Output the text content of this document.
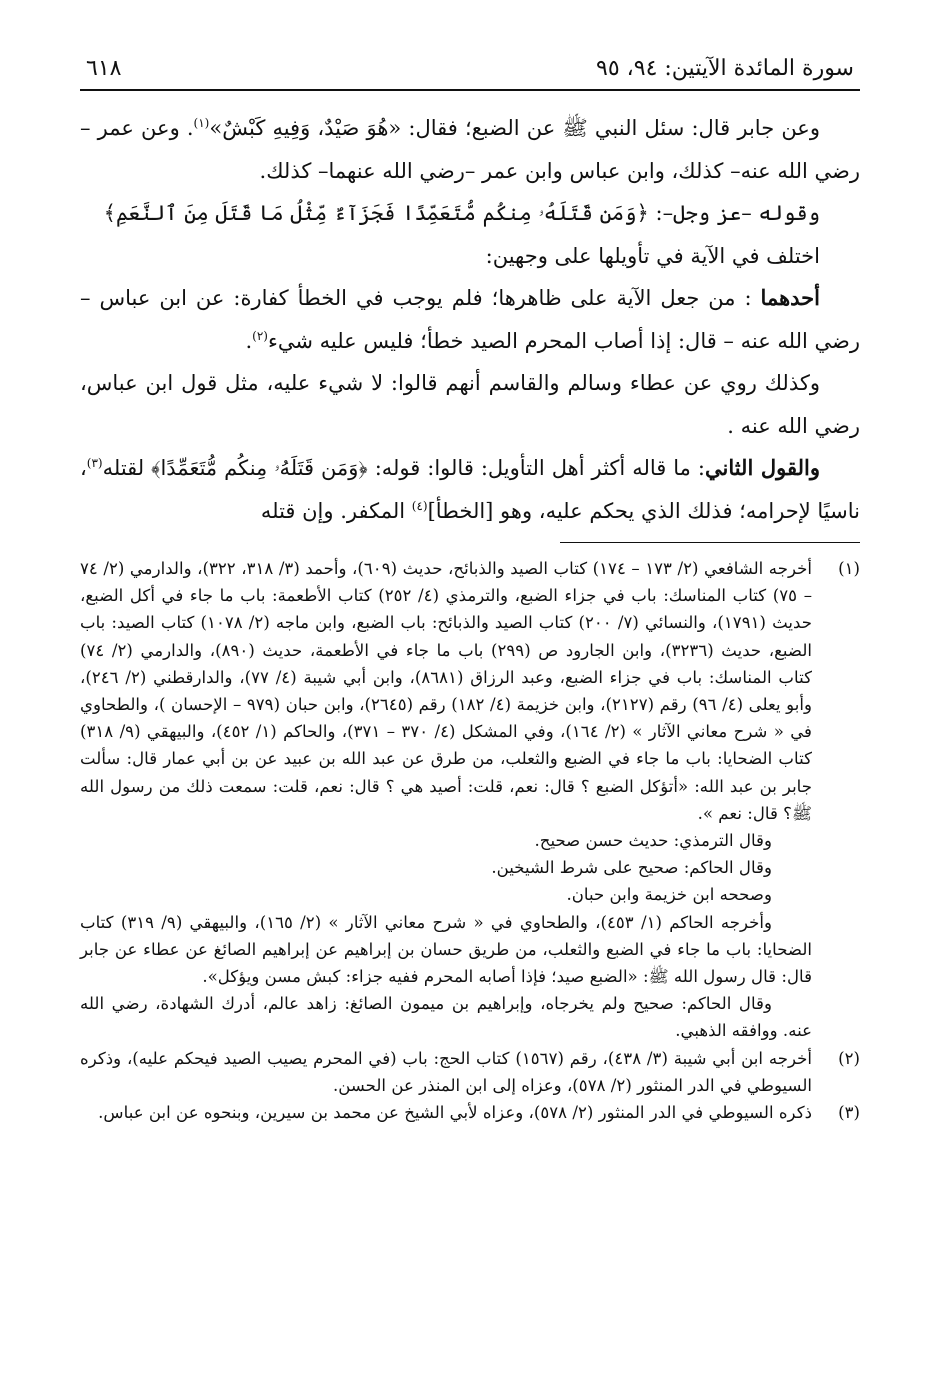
سورة المائدة الآيتين: ٩٤، ٩٥
٦١٨

وعن جابر قال: سئل النبي ﷺ عن الضبع؛ فقال: «هُوَ صَيْدٌ، وَفِيهِ كَبْشٌ»$^{(١)}$. وعن عمر –رضي الله عنه– كذلك، وابن عباس وابن عمر –رضي الله عنهما– كذلك.

وقوله –عز وجل–: ﴿وَمَن قَتَلَهُۥ مِنكُم مُّتَعَمِّدًا فَجَزَآءٌ مِّثْلُ مَا قَتَلَ مِنَ ٱلنَّعَمِ﴾

اختلف في الآية في تأويلها على وجهين:

أحدهما : من جعل الآية على ظاهرها؛ فلم يوجب في الخطأ كفارة: عن ابن عباس – رضي الله عنه – قال: إذا أصاب المحرم الصيد خطأ؛ فليس عليه شيء$^{(٢)}$.

وكذلك روي عن عطاء وسالم والقاسم أنهم قالوا: لا شيء عليه، مثل قول ابن عباس، رضي الله عنه .

والقول الثاني: ما قاله أكثر أهل التأويل: قالوا: قوله: ﴿وَمَن قَتَلَهُۥ مِنكُم مُّتَعَمِّدًا﴾ لقتله$^{(٣)}$، ناسيًا لإحرامه؛ فذلك الذي يحكم عليه، وهو [الخطأ]$^{(٤)}$ المكفر. وإن قتله

(١)

أخرجه الشافعي (٢/ ١٧٣ – ١٧٤) كتاب الصيد والذبائح، حديث (٦٠٩)، وأحمد (٣/ ٣١٨، ٣٢٢)، والدارمي (٢/ ٧٤ – ٧٥) كتاب المناسك: باب في جزاء الضبع، والترمذي (٤/ ٢٥٢) كتاب الأطعمة: باب ما جاء في أكل الضبع، حديث (١٧٩١)، والنسائي (٧/ ٢٠٠) كتاب الصيد والذبائح: باب الضبع، وابن ماجه (٢/ ١٠٧٨) كتاب الصيد: باب الضبع، حديث (٣٢٣٦)، وابن الجارود ص (٢٩٩) باب ما جاء في الأطعمة، حديث (٨٩٠)، والدارمي (٢/ ٧٤) كتاب المناسك: باب في جزاء الضبع، وعبد الرزاق (٨٦٨١)، وابن أبي شيبة (٤/ ٧٧)، والدارقطني (٢/ ٢٤٦)، وأبو يعلى (٤/ ٩٦) رقم (٢١٢٧)، وابن خزيمة (٤/ ١٨٢) رقم (٢٦٤٥)، وابن حبان (٩٧٩ – الإحسان )، والطحاوي في « شرح معاني الآثار » (٢/ ١٦٤)، وفي المشكل (٤/ ٣٧٠ – ٣٧١)، والحاكم (١/ ٤٥٢)، والبيهقي (٩/ ٣١٨) كتاب الضحايا: باب ما جاء في الضبع والثعلب، من طرق عن عبد الله بن عبيد عن بن أبي عمار قال: سألت جابر بن عبد الله: «أتؤكل الضبع ؟ قال: نعم، قلت: أصيد هي ؟ قال: نعم، قلت: سمعت ذلك من رسول الله ﷺ؟ قال: نعم ».

وقال الترمذي: حديث حسن صحيح.

وقال الحاكم: صحيح على شرط الشيخين.

وصححه ابن خزيمة وابن حبان.

وأخرجه الحاكم (١/ ٤٥٣)، والطحاوي في « شرح معاني الآثار » (٢/ ١٦٥)، والبيهقي (٩/ ٣١٩) كتاب الضحايا: باب ما جاء في الضبع والثعلب، من طريق حسان بن إبراهيم عن إبراهيم الصائغ عن عطاء عن جابر قال: قال رسول الله ﷺ: «الضبع صيد؛ فإذا أصابه المحرم ففيه جزاء: كبش مسن ويؤكل».

وقال الحاكم: صحيح ولم يخرجاه، وإبراهيم بن ميمون الصائغ: زاهد عالم، أدرك الشهادة، رضي الله عنه. ووافقه الذهبي.

(٢)

أخرجه ابن أبي شيبة (٣/ ٤٣٨)، رقم (١٥٦٧) كتاب الحج: باب (في المحرم يصيب الصيد فيحكم عليه)، وذكره السيوطي في الدر المنثور (٢/ ٥٧٨)، وعزاه إلى ابن المنذر عن الحسن.

(٣)

ذكره السيوطي في الدر المنثور (٢/ ٥٧٨)، وعزاه لأبي الشيخ عن محمد بن سيرين، وبنحوه عن ابن عباس.
